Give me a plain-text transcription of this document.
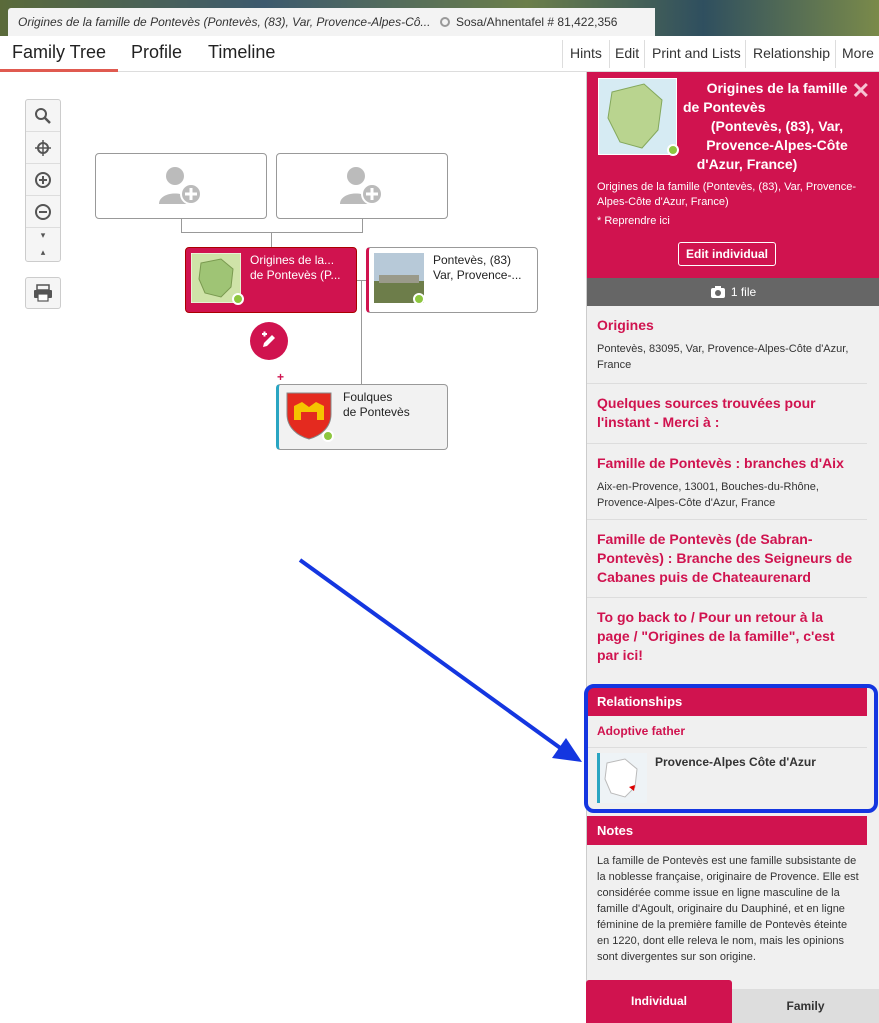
Origines de la famille de Pontevès (Pontevès, (83), Var, Provence-Alpes-Cô...	Sosa/Ahnentafel # 81,422,356
Family Tree Profile Timeline	Hints Edit Print and Lists Relationship More
▾
▴
Origines de la...
de Pontevès (P...
Pontevès, (83)
Var, Provence-...
+
Foulques
de Pontevès
Origines de la famille
de Pontevès
(Pontevès, (83), Var,
Provence-Alpes-Côte
d'Azur, France)
✕
Origines de la famille (Pontevès, (83), Var, Provence-Alpes-Côte d'Azur, France)
* Reprendre ici
Edit individual
1 file
Origines

Pontevès, 83095, Var, Provence-Alpes-Côte d'Azur, France

Quelques sources trouvées pour l'instant - Merci à :
Famille de Pontevès : branches d'Aix

Aix-en-Provence, 13001, Bouches-du-Rhône, Provence-Alpes-Côte d'Azur, France

Famille de Pontevès (de Sabran-Pontevès) : Branche des Seigneurs de Cabanes puis de Chateaurenard
To go back to / Pour un retour à la page / "Origines de la famille", c'est par ici!
Relationships
Adoptive father
Provence-Alpes Côte d'Azur
Notes
La famille de Pontevès est une famille subsistante de la noblesse française, originaire de Provence. Elle est considérée comme issue en ligne masculine de la famille d'Agoult, originaire du Dauphiné, et en ligne féminine de la première famille de Pontevès éteinte en 1220, dont elle releva le nom, mais les opinions sont divergentes sur son origine.
Individual	Family
